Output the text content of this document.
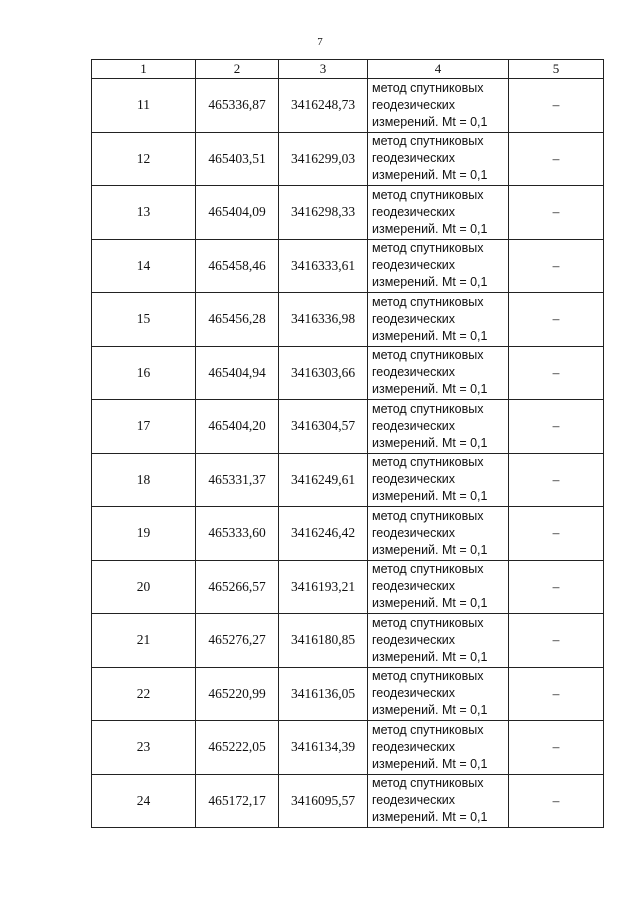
7
1	2	3	4	5
11	465336,87	3416248,73	метод спутниковых
геодезических
измерений. Mt = 0,1	–
12	465403,51	3416299,03	метод спутниковых
геодезических
измерений. Mt = 0,1	–
13	465404,09	3416298,33	метод спутниковых
геодезических
измерений. Mt = 0,1	–
14	465458,46	3416333,61	метод спутниковых
геодезических
измерений. Mt = 0,1	–
15	465456,28	3416336,98	метод спутниковых
геодезических
измерений. Mt = 0,1	–
16	465404,94	3416303,66	метод спутниковых
геодезических
измерений. Mt = 0,1	–
17	465404,20	3416304,57	метод спутниковых
геодезических
измерений. Mt = 0,1	–
18	465331,37	3416249,61	метод спутниковых
геодезических
измерений. Mt = 0,1	–
19	465333,60	3416246,42	метод спутниковых
геодезических
измерений. Mt = 0,1	–
20	465266,57	3416193,21	метод спутниковых
геодезических
измерений. Mt = 0,1	–
21	465276,27	3416180,85	метод спутниковых
геодезических
измерений. Mt = 0,1	–
22	465220,99	3416136,05	метод спутниковых
геодезических
измерений. Mt = 0,1	–
23	465222,05	3416134,39	метод спутниковых
геодезических
измерений. Mt = 0,1	–
24	465172,17	3416095,57	метод спутниковых
геодезических
измерений. Mt = 0,1	–
